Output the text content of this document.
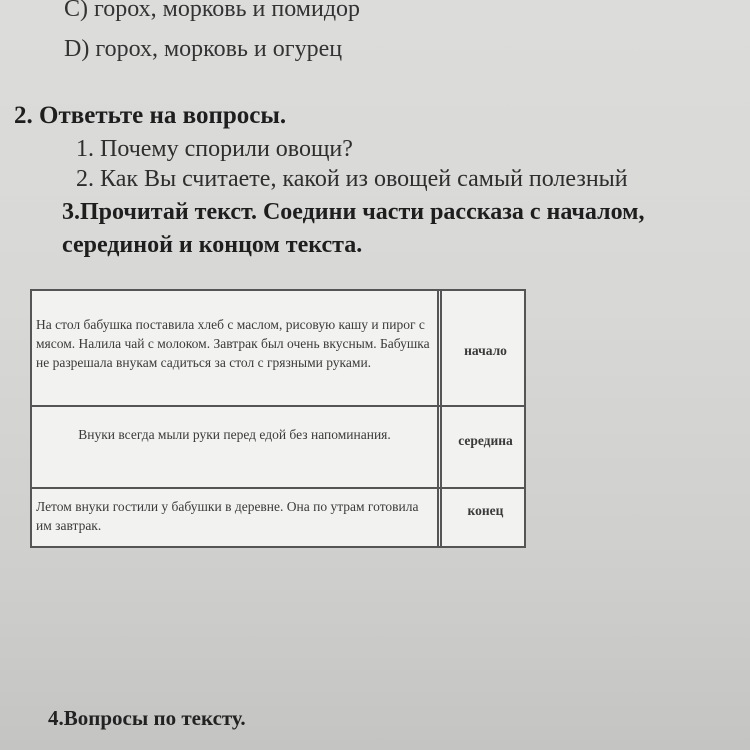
C) горох, морковь и помидор
D) горох, морковь и огурец
2. Ответьте на вопросы.
1. Почему спорили овощи?
2. Как Вы считаете, какой из овощей самый полезный
3.Прочитай текст. Соедини части рассказа с началом,
серединой и концом текста.
На стол бабушка поставила хлеб с маслом, рисовую кашу и пирог с мясом. Налила чай с молоком. Завтрак был очень вкусным. Бабушка не разрешала внукам садиться за стол с грязными руками.
начало
Внуки всегда мыли руки перед едой без напоминания.	середина
Летом внуки гостили у бабушки в деревне. Она по утрам готовила им завтрак.
конец
4.Вопросы по тексту.
